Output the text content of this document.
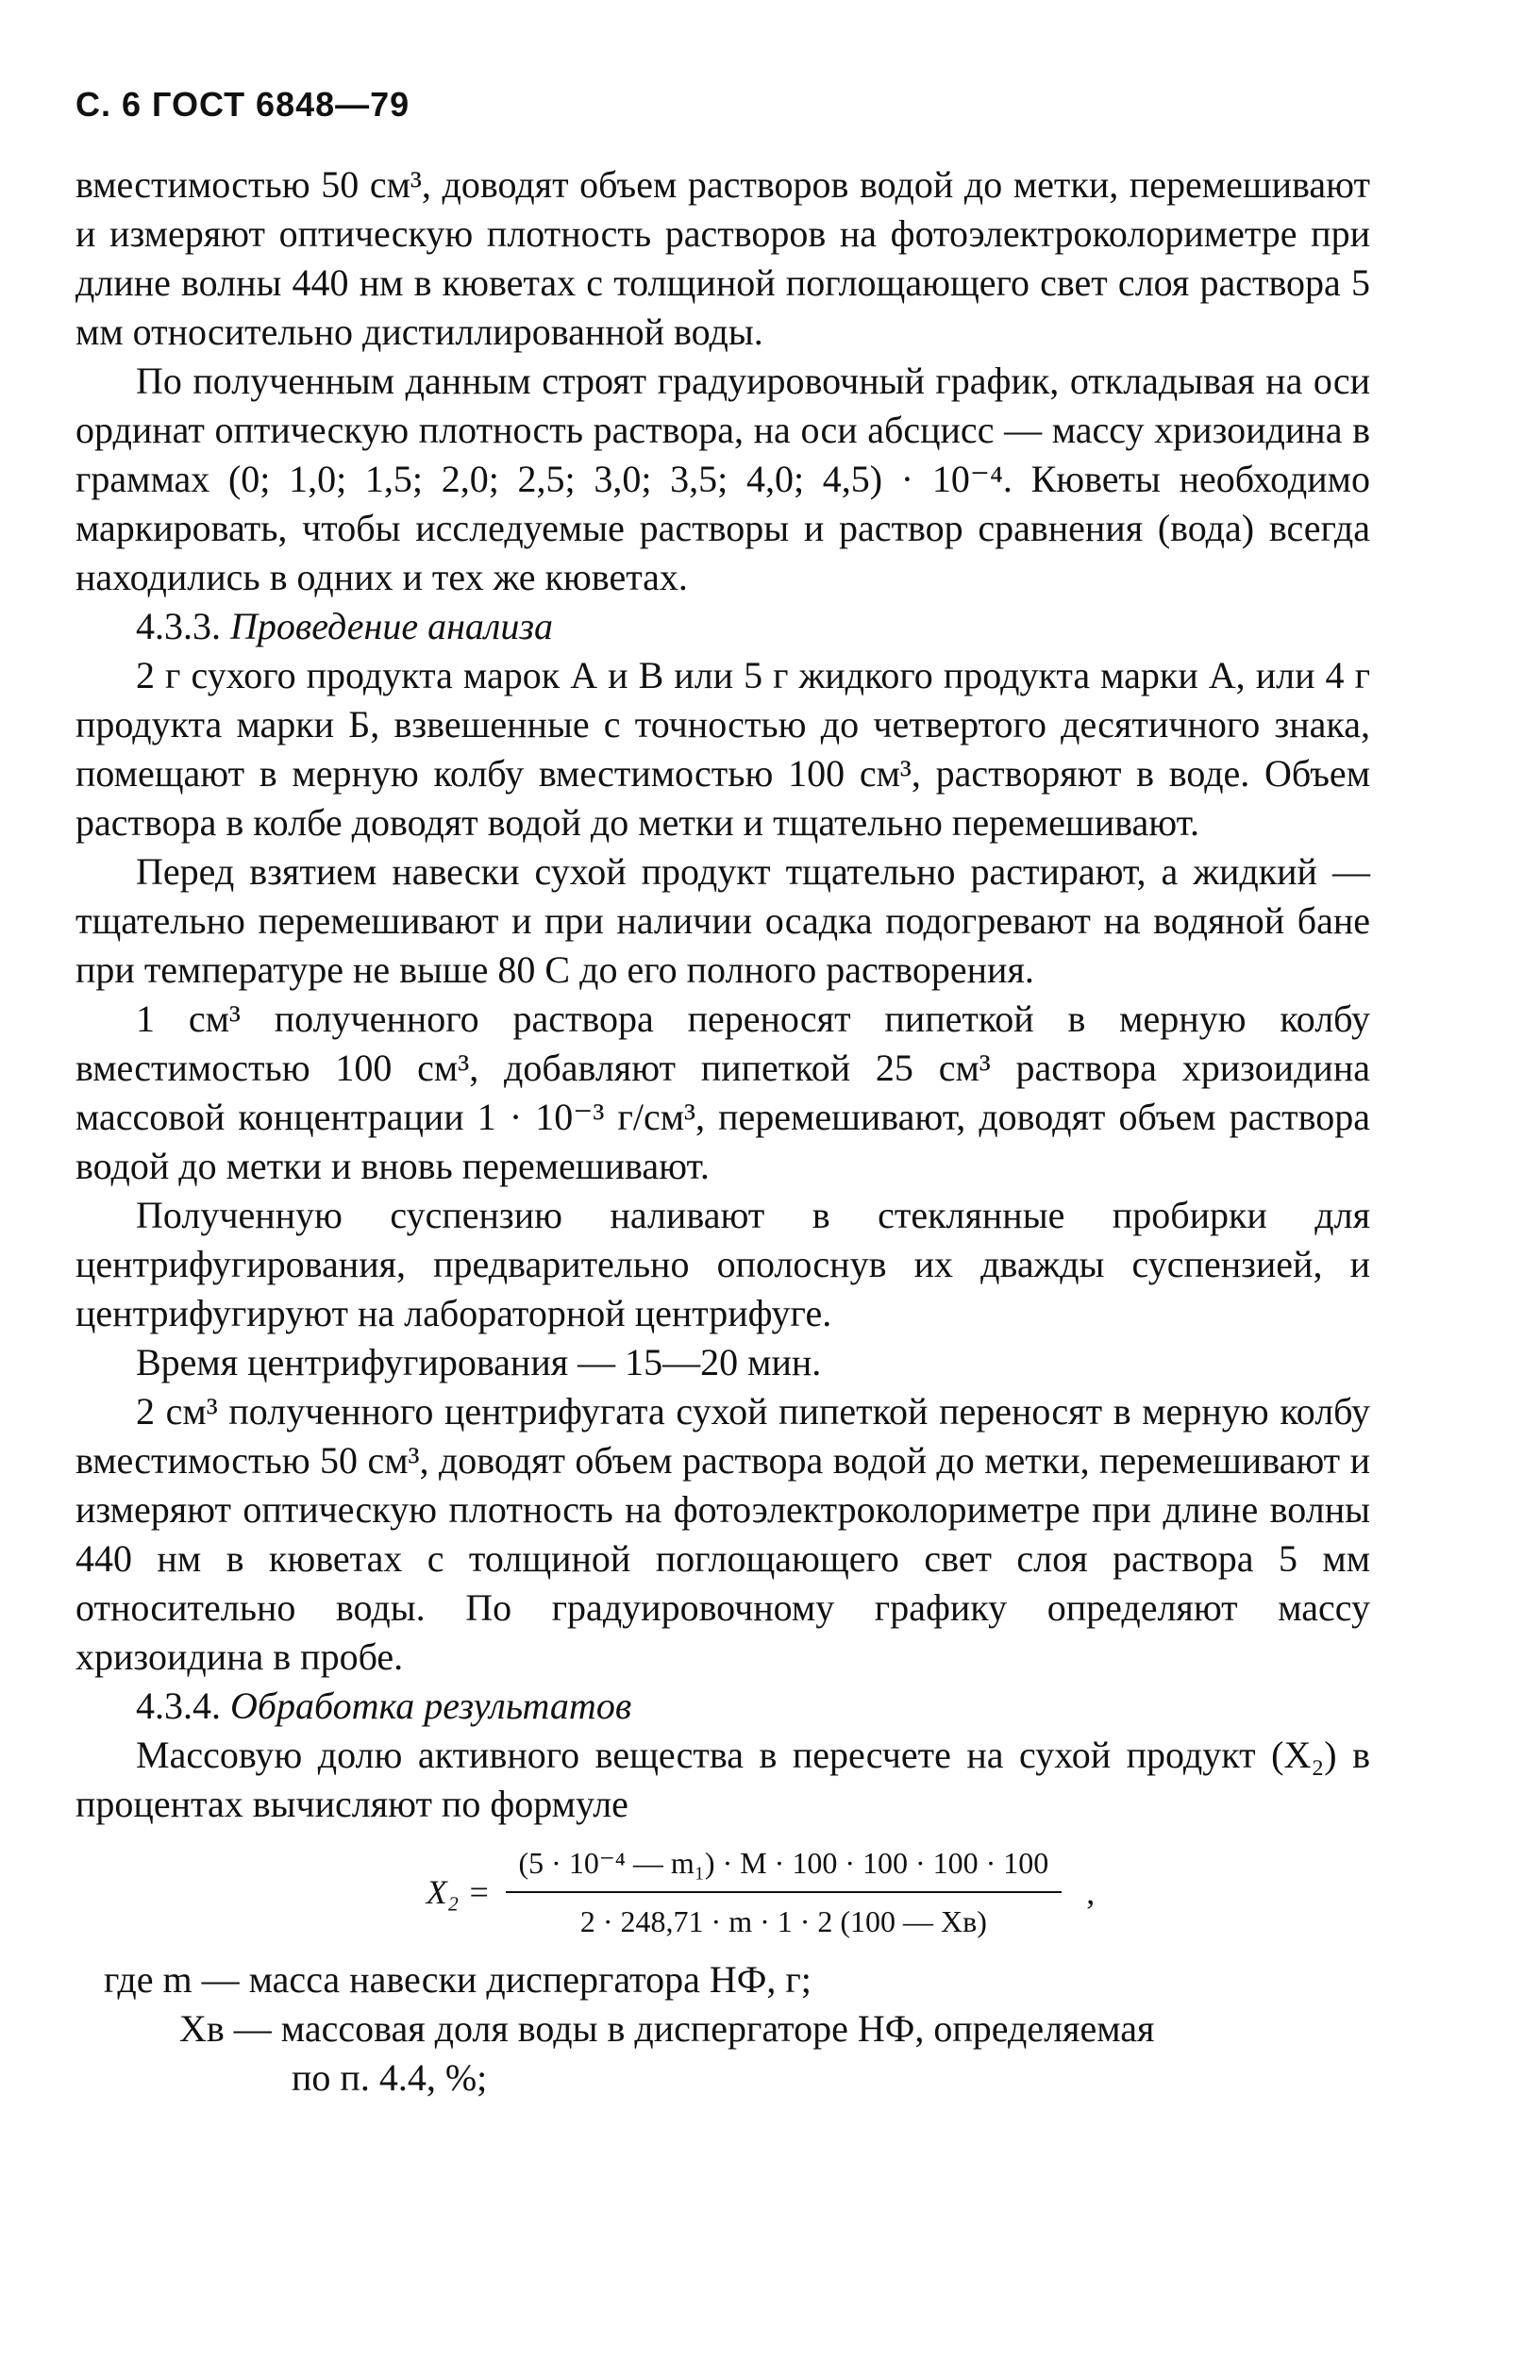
С. 6 ГОСТ 6848—79

вместимостью 50 см³, доводят объем растворов водой до метки, перемешивают и измеряют оптическую плотность растворов на фотоэлектроколориметре при длине волны 440 нм в кюветах с толщиной поглощающего свет слоя раствора 5 мм относительно дистиллированной воды.

По полученным данным строят градуировочный график, откладывая на оси ординат оптическую плотность раствора, на оси абсцисс — массу хризоидина в граммах (0; 1,0; 1,5; 2,0; 2,5; 3,0; 3,5; 4,0; 4,5) · 10⁻⁴. Кюветы необходимо маркировать, чтобы исследуемые растворы и раствор сравнения (вода) всегда находились в одних и тех же кюветах.

4.3.3. Проведение анализа

2 г сухого продукта марок А и В или 5 г жидкого продукта марки А, или 4 г продукта марки Б, взвешенные с точностью до четвертого десятичного знака, помещают в мерную колбу вместимостью 100 см³, растворяют в воде. Объем раствора в колбе доводят водой до метки и тщательно перемешивают.

Перед взятием навески сухой продукт тщательно растирают, а жидкий — тщательно перемешивают и при наличии осадка подогревают на водяной бане при температуре не выше 80 С до его полного растворения.

1 см³ полученного раствора переносят пипеткой в мерную колбу вместимостью 100 см³, добавляют пипеткой 25 см³ раствора хризоидина массовой концентрации 1 · 10⁻³ г/см³, перемешивают, доводят объем раствора водой до метки и вновь перемешивают.

Полученную суспензию наливают в стеклянные пробирки для центрифугирования, предварительно ополоснув их дважды суспензией, и центрифугируют на лабораторной центрифуге.

Время центрифугирования — 15—20 мин.

2 см³ полученного центрифугата сухой пипеткой переносят в мерную колбу вместимостью 50 см³, доводят объем раствора водой до метки, перемешивают и измеряют оптическую плотность на фотоэлектроколориметре при длине волны 440 нм в кюветах с толщиной поглощающего свет слоя раствора 5 мм относительно воды. По градуировочному графику определяют массу хризоидина в пробе.

4.3.4. Обработка результатов

Массовую долю активного вещества в пересчете на сухой продукт (X₂) в процентах вычисляют по формуле

$X_2 = \frac{\text{(5 · 10⁻⁴ — m₁) · M · 100 · 100 · 100 · 100}}{2 \cdot 248,71 \cdot m \cdot 1 \cdot 2 (100 — Xв)}$ ,
где m — масса навески диспергатора НФ, г;
Xв — массовая доля воды в диспергаторе НФ, определяемая
по п. 4.4, %;
